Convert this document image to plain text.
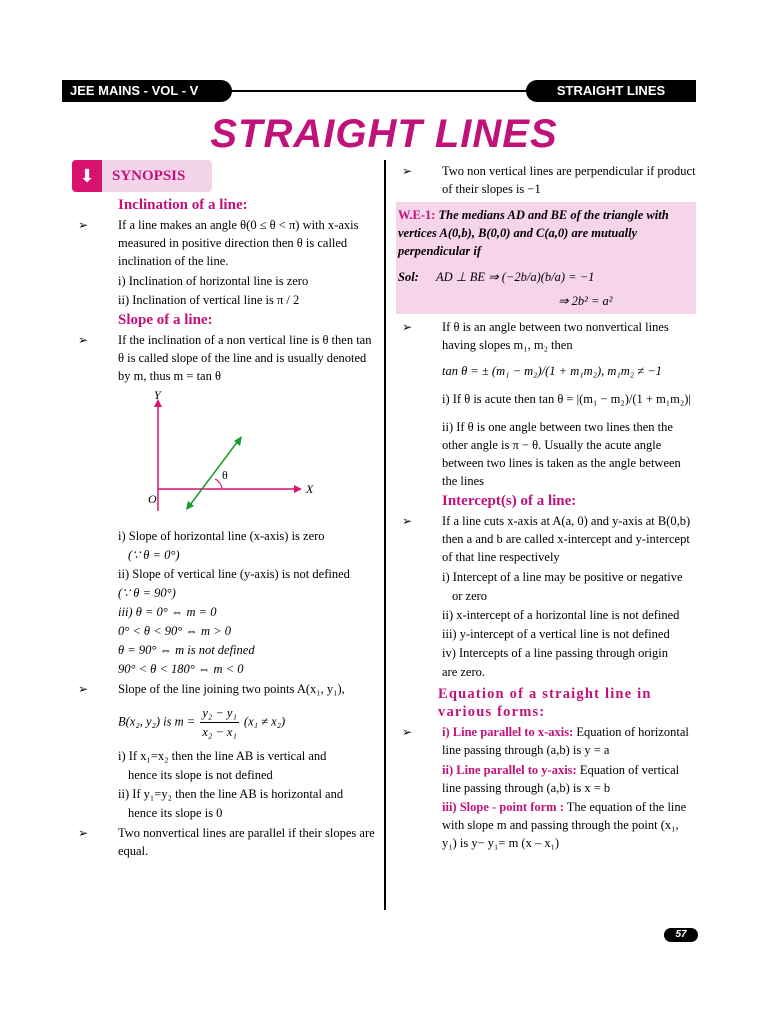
JEE MAINS - VOL - V	STRAIGHT LINES
STRAIGHT LINES
⬇	SYNOPSIS
Inclination of a line:
➢ If a line makes an angle θ(0 ≤ θ < π) with x-axis measured in positive direction then θ is called inclination of the line.
i) Inclination of horizontal line is zero
ii) Inclination of vertical line is π / 2
Slope of a line:
➢ If the inclination of a non vertical line is θ then tan θ is called slope of the line and is usually denoted by m, thus m = tan θ
Y
X
O
θ
i) Slope of horizontal line (x-axis) is zero
(∵ θ = 0°)
ii) Slope of vertical line (y-axis) is not defined
(∵ θ = 90°)
iii) θ = 0° ⇔ m = 0
0° < θ < 90° ⇔ m > 0
θ = 90° ⇔ m is not defined
90° < θ < 180° ⇔ m < 0
➢ Slope of the line joining two points A(x₁, y₁),
B(x₂, y₂) is $m = \frac{\text{y₂ − y₁}}{\text{x₂ − x₁}} (x_1 \ne x_2)$
i) If x₁=x₂ then the line AB is vertical and
hence its slope is not defined
ii) If y₁=y₂ then the line AB is horizontal and
hence its slope is 0
➢ Two nonvertical lines are parallel if their slopes are equal.
➢ Two non vertical lines are perpendicular if product of their slopes is −1
W.E-1: The medians AD and BE of the triangle with vertices A(0,b), B(0,0) and C(a,0) are mutually perpendicular if
Sol: AD ⊥ BE ⇒ (−2b/a)(b/a) = −1
⇒ 2b² = a²
➢ If θ is an angle between two nonvertical lines having slopes m₁, m₂ then
tan θ = ± (m₁ − m₂)/(1 + m₁m₂), m₁m₂ ≠ −1
i) If θ is acute then tan θ = |(m₁ − m₂)/(1 + m₁m₂)|
ii) If θ is one angle between two lines then the other angle is π − θ. Usually the acute angle between two lines is taken as the angle between the lines
Intercept(s) of a line:
➢ If a line cuts x-axis at A(a, 0) and y-axis at B(0,b) then a and b are called x-intercept and y-intercept of that line respectively
i) Intercept of a line may be positive or negative
or zero
ii) x-intercept of a horizontal line is not defined
iii) y-intercept of a vertical line is not defined
iv) Intercepts of a line passing through origin
are zero.
Equation of a straight line in various forms:
➢ i) Line parallel to x-axis: Equation of horizontal line passing through (a,b) is y = a
ii) Line parallel to y-axis: Equation of vertical line passing through (a,b) is x = b
iii) Slope - point form : The equation of the line with slope m and passing through the point (x₁, y₁) is y− y₁= m (x – x₁)
57
